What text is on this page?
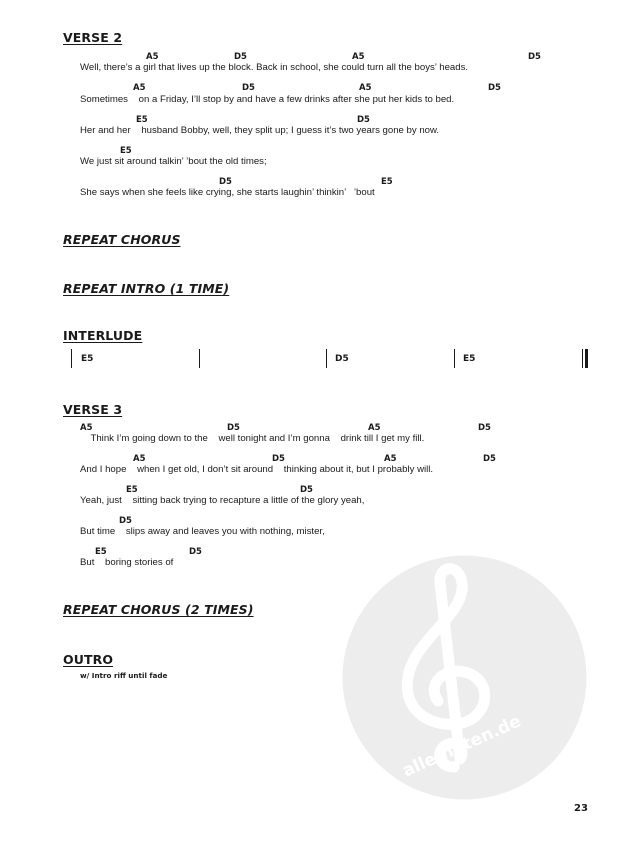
VERSE 2
A5	D5	A5	D5
Well, there’s a girl that lives up the block. Back in school, she could turn all the boys’ heads.
A5	D5	A5	D5
Sometimes    on a Friday, I’ll stop by and have a few drinks after she put her kids to bed.
E5	D5
Her and her    husband Bobby, well, they split up; I guess it’s two years gone by now.
E5
We just sit around talkin’ ’bout the old times;
D5	E5
She says when she feels like crying, she starts laughin’ thinkin’   ’bout
REPEAT CHORUS
REPEAT INTRO (1 TIME)
INTERLUDE
E5	D5	E5
VERSE 3
A5	D5	A5	D5
Think I’m going down to the    well tonight and I’m gonna    drink till I get my fill.
A5	D5	A5	D5
And I hope    when I get old, I don’t sit around    thinking about it, but I probably will.
E5	D5
Yeah, just    sitting back trying to recapture a little of the glory yeah,
D5
But time    slips away and leaves you with nothing, mister,
E5	D5
But    boring stories of
REPEAT CHORUS (2 TIMES)
OUTRO
w/ Intro riff until fade
alle-noten.de
23
